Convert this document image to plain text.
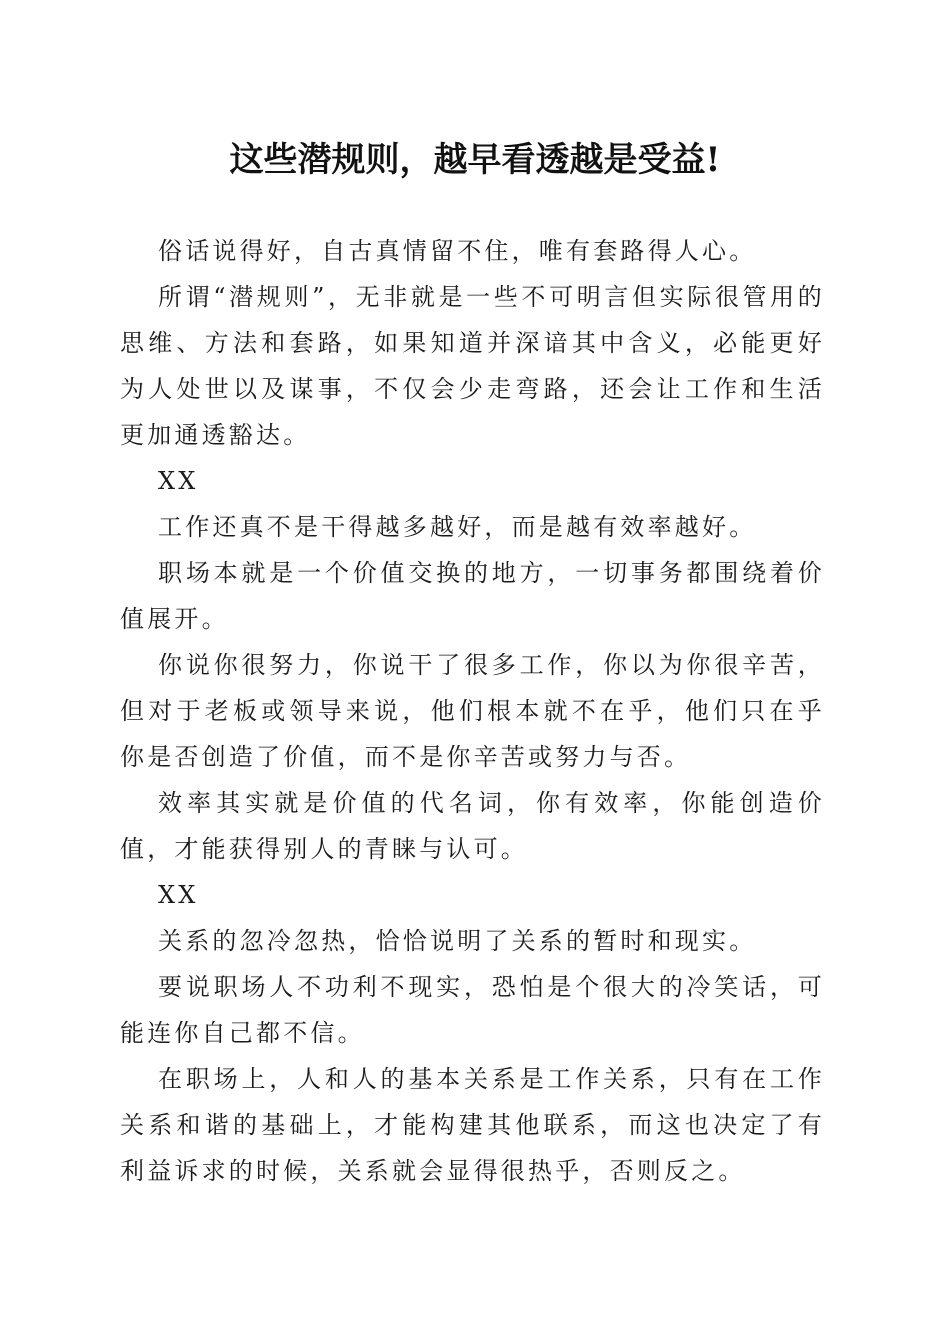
这些潜规则，越早看透越是受益!

俗话说得好，自古真情留不住，唯有套路得人心。

所谓“潜规则”，无非就是一些不可明言但实际很管用的思维、方法和套路，如果知道并深谙其中含义，必能更好为人处世以及谋事，不仅会少走弯路，还会让工作和生活更加通透豁达。

XX

工作还真不是干得越多越好，而是越有效率越好。

职场本就是一个价值交换的地方，一切事务都围绕着价值展开。

你说你很努力，你说干了很多工作，你以为你很辛苦，但对于老板或领导来说，他们根本就不在乎，他们只在乎你是否创造了价值，而不是你辛苦或努力与否。

效率其实就是价值的代名词，你有效率，你能创造价值，才能获得别人的青睐与认可。

XX

关系的忽冷忽热，恰恰说明了关系的暂时和现实。

要说职场人不功利不现实，恐怕是个很大的冷笑话，可能连你自己都不信。

在职场上，人和人的基本关系是工作关系，只有在工作关系和谐的基础上，才能构建其他联系，而这也决定了有利益诉求的时候，关系就会显得很热乎，否则反之。
